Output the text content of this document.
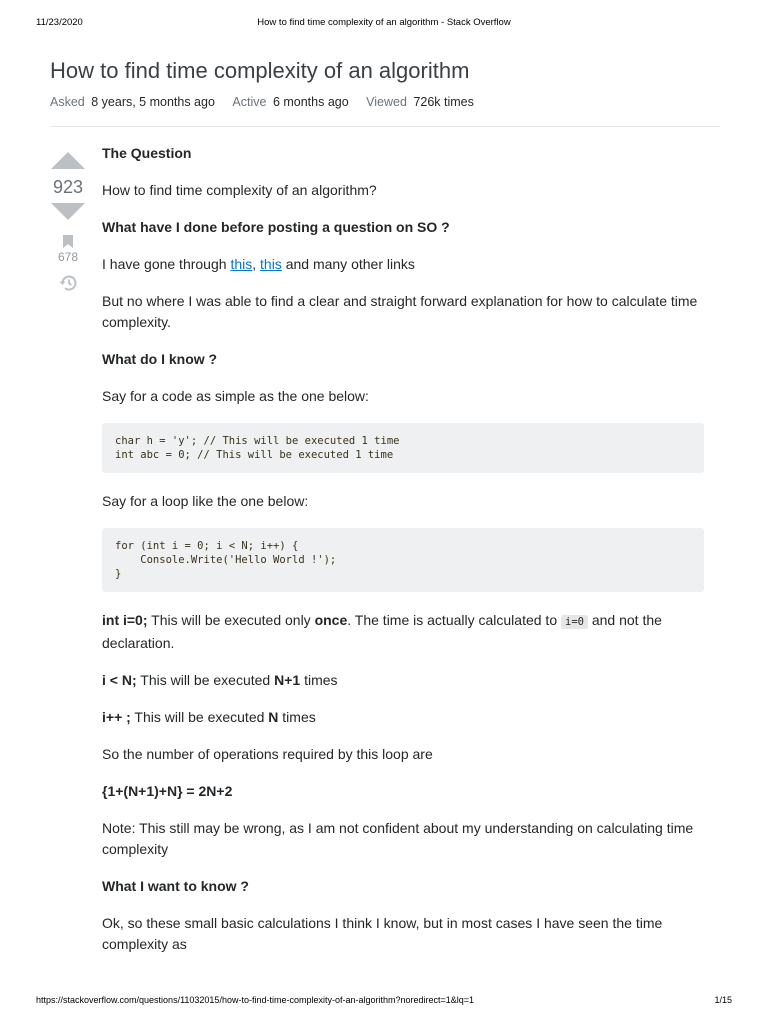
11/23/2020	How to find time complexity of an algorithm - Stack Overflow
How to find time complexity of an algorithm
Asked 8 years, 5 months ago Active 6 months ago Viewed 726k times
923
678

The Question

How to find time complexity of an algorithm?

What have I done before posting a question on SO ?

I have gone through this, this and many other links

But no where I was able to find a clear and straight forward explanation for how to calculate time complexity.

What do I know ?

Say for a code as simple as the one below:

char h = 'y'; // This will be executed 1 time
int abc = 0; // This will be executed 1 time

Say for a loop like the one below:

for (int i = 0; i < N; i++) {
Console.Write('Hello World !');
}

int i=0; This will be executed only once. The time is actually calculated to i=0 and not the declaration.

i < N; This will be executed N+1 times

i++ ; This will be executed N times

So the number of operations required by this loop are

{1+(N+1)+N} = 2N+2

Note: This still may be wrong, as I am not confident about my understanding on calculating time complexity

What I want to know ?

Ok, so these small basic calculations I think I know, but in most cases I have seen the time complexity as

https://stackoverflow.com/questions/11032015/how-to-find-time-complexity-of-an-algorithm?noredirect=1&lq=1	1/15
